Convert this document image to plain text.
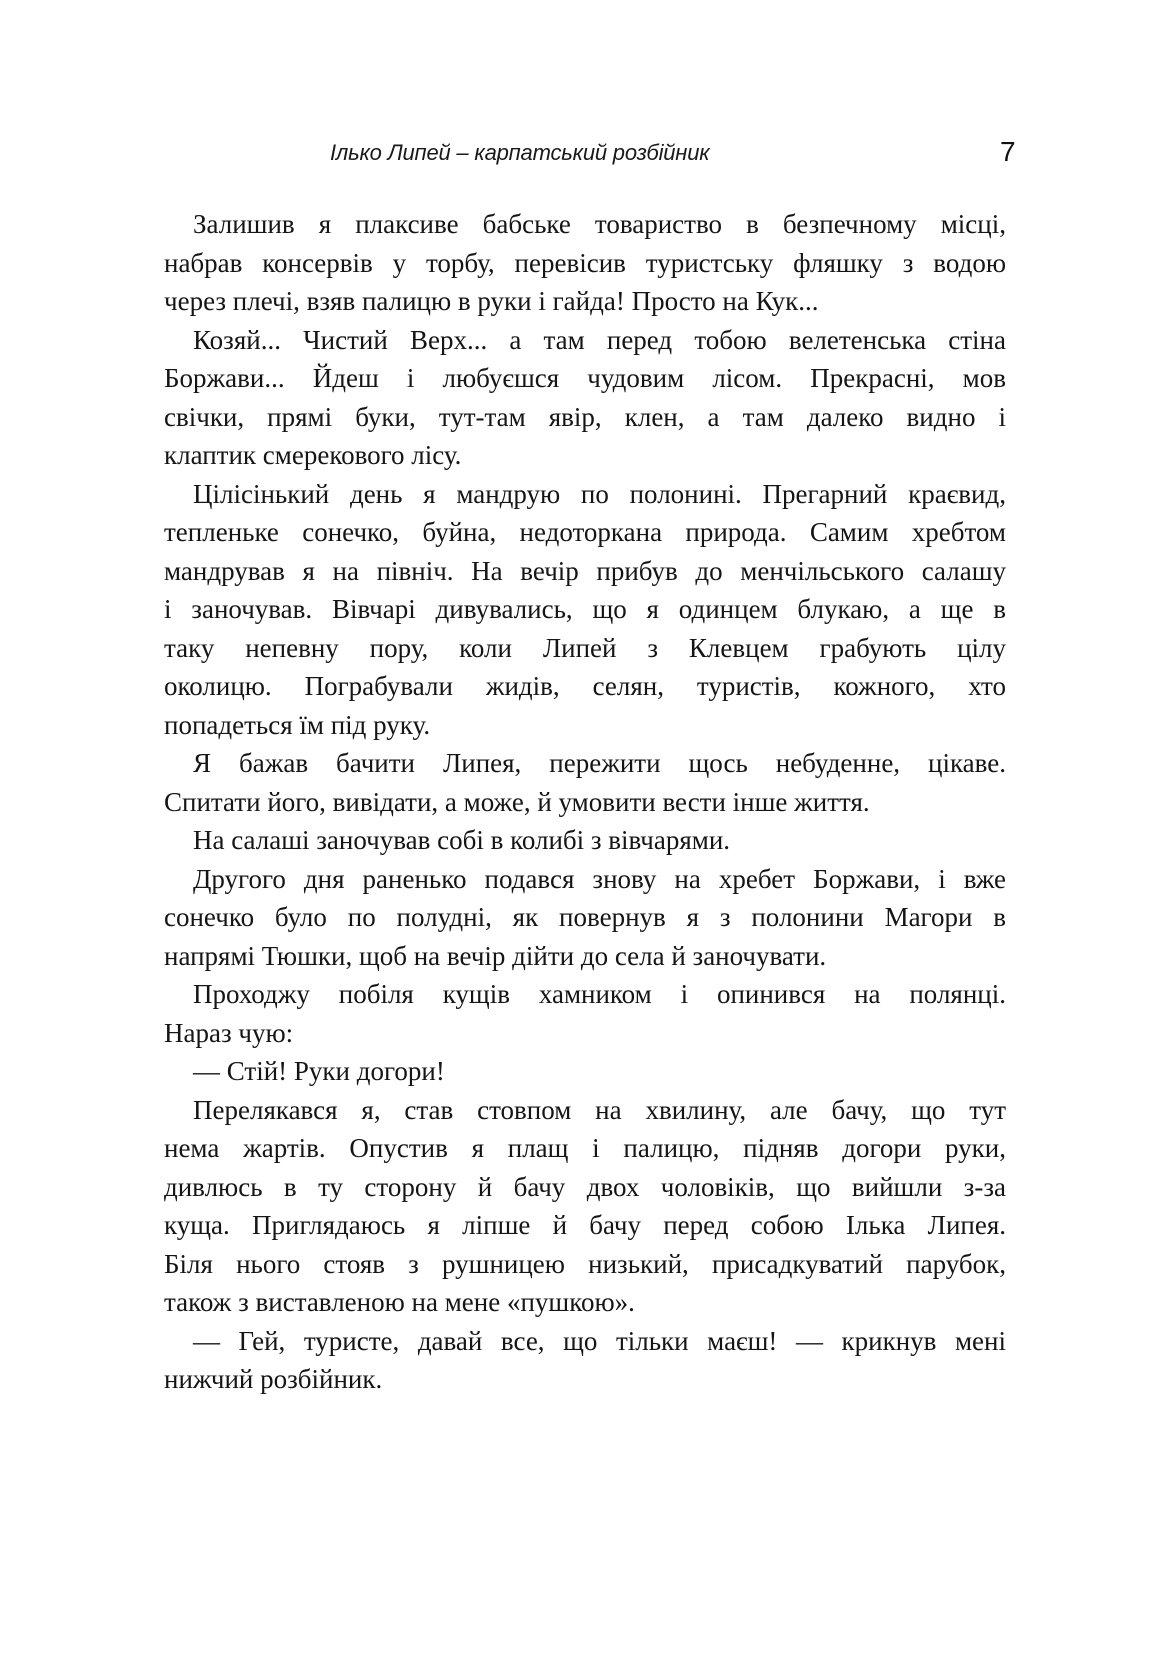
Ілько Липей – карпатський розбійник	7
Залишив я плаксиве бабське товариство в безпечному місці,
набрав консервів у торбу, перевісив туристську фляшку з водою
через плечі, взяв палицю в руки і гайда! Просто на Кук...
Козяй... Чистий Верх... а там перед тобою велетенська стіна
Боржави... Йдеш і любуєшся чудовим лісом. Прекрасні, мов
свічки, прямі буки, тут-там явір, клен, а там далеко видно і
клаптик смерекового лісу.
Цілісінький день я мандрую по полонині. Прегарний краєвид,
тепленьке сонечко, буйна, недоторкана природа. Самим хребтом
мандрував я на північ. На вечір прибув до менчільського салашу
і заночував. Вівчарі дивувались, що я одинцем блукаю, а ще в
таку непевну пору, коли Липей з Клевцем грабують цілу
околицю. Пограбували жидів, селян, туристів, кожного, хто
попадеться їм під руку.
Я бажав бачити Липея, пережити щось небуденне, цікаве.
Спитати його, вивідати, а може, й умовити вести інше життя.
На салаші заночував собі в колибі з вівчарями.
Другого дня раненько подався знову на хребет Боржави, і вже
сонечко було по полудні, як повернув я з полонини Магори в
напрямі Тюшки, щоб на вечір дійти до села й заночувати.
Проходжу побіля кущів хамником і опинився на полянці.
Нараз чую:
— Стій! Руки догори!
Перелякався я, став стовпом на хвилину, але бачу, що тут
нема жартів. Опустив я плащ і палицю, підняв догори руки,
дивлюсь в ту сторону й бачу двох чоловіків, що вийшли з-за
куща. Приглядаюсь я ліпше й бачу перед собою Ілька Липея.
Біля нього стояв з рушницею низький, присадкуватий парубок,
також з виставленою на мене «пушкою».
— Гей, туристе, давай все, що тільки маєш! — крикнув мені
нижчий розбійник.
